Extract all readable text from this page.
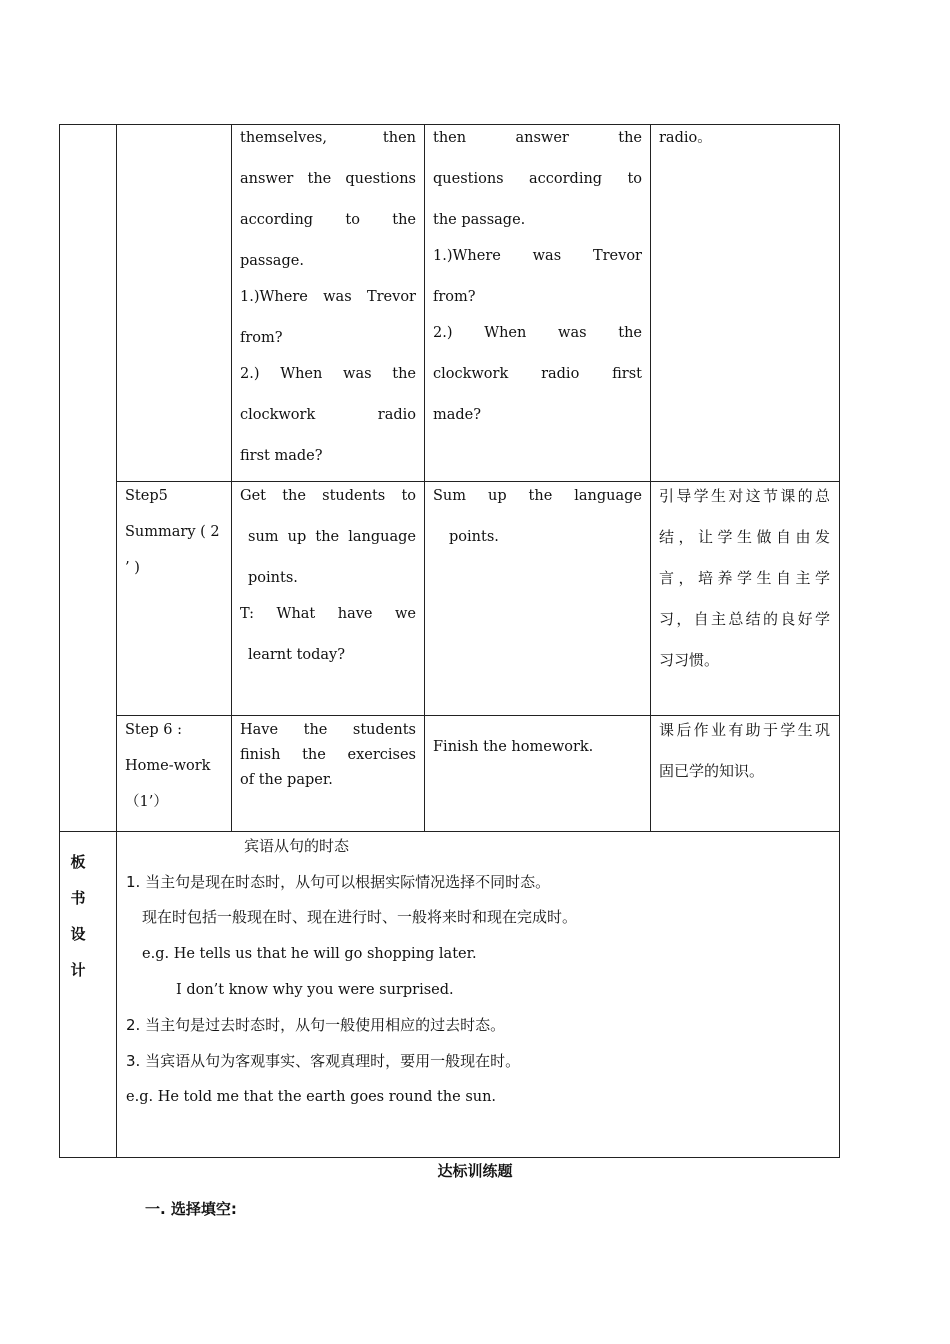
themselves, then
answer the questions
according to the
passage.
1.)Where was Trevor
from?
2.) When was the
clockwork radio
first made?
then answer the
questions according to
the passage.
1.)Where was Trevor
from?
2.) When was the
clockwork radio first
made?
radio。
Step5
Summary ( 2
’ )
Get the students to
sum up the language
points.
T: What have we
learnt today?
Sum up the language
points.
引导学生对这节课的总
结，让学生做自由发
言，培养学生自主学
习，自主总结的良好学
习习惯。
Step 6 :
Home-work
（1’）
Have the students
finish the exercises
of the paper.
Finish the homework.
课后作业有助于学生巩
固已学的知识。
板
书
设
计
宾语从句的时态
1. 当主句是现在时态时，从句可以根据实际情况选择不同时态。
现在时包括一般现在时、现在进行时、一般将来时和现在完成时。
e.g. He tells us that he will go shopping later.
I don’t know why you were surprised.
2. 当主句是过去时态时，从句一般使用相应的过去时态。
3. 当宾语从句为客观事实、客观真理时，要用一般现在时。
e.g. He told me that the earth goes round the sun.
达标训练题
一. 选择填空:
